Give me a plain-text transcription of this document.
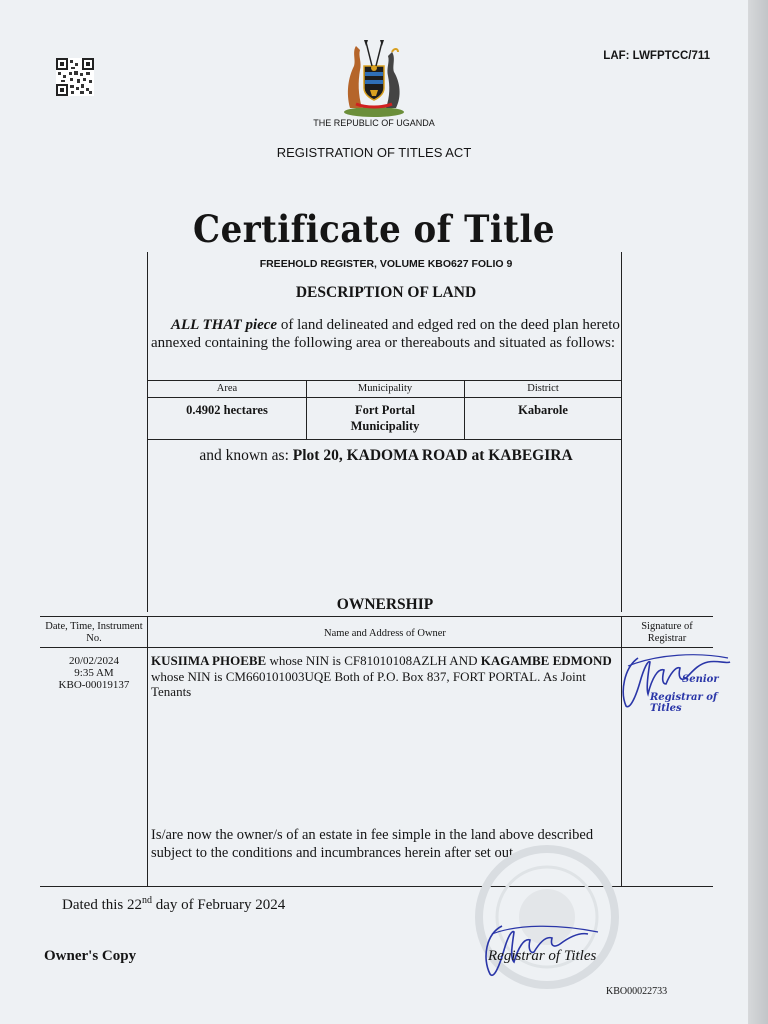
LAF: LWFPTCC/711
THE REPUBLIC OF UGANDA
REGISTRATION OF TITLES ACT
Certificate of Title
FREEHOLD REGISTER, VOLUME KBO627 FOLIO 9
DESCRIPTION OF LAND
ALL THAT piece of land delineated and edged red on the deed plan hereto annexed containing the following area or thereabouts and situated as follows:
Area
0.4902 hectares
Municipality
Fort Portal Municipality
District
Kabarole
and known as: Plot 20, KADOMA ROAD at KABEGIRA
OWNERSHIP
Date, Time, Instrument No.	Name and Address of Owner
Signature of Registrar
20/02/2024
9:35 AM
KBO-00019137
KUSIIMA PHOEBE whose NIN is CF81010108AZLH AND KAGAMBE EDMOND whose NIN is CM660101003UQE Both of P.O. Box 837, FORT PORTAL. As Joint Tenants
Senior
Registrar of Titles
Is/are now the owner/s of an estate in fee simple in the land above described subject to the conditions and incumbrances herein after set out.
Dated this 22nd day of February 2024
Owner's Copy	Registrar of Titles
KBO00022733
